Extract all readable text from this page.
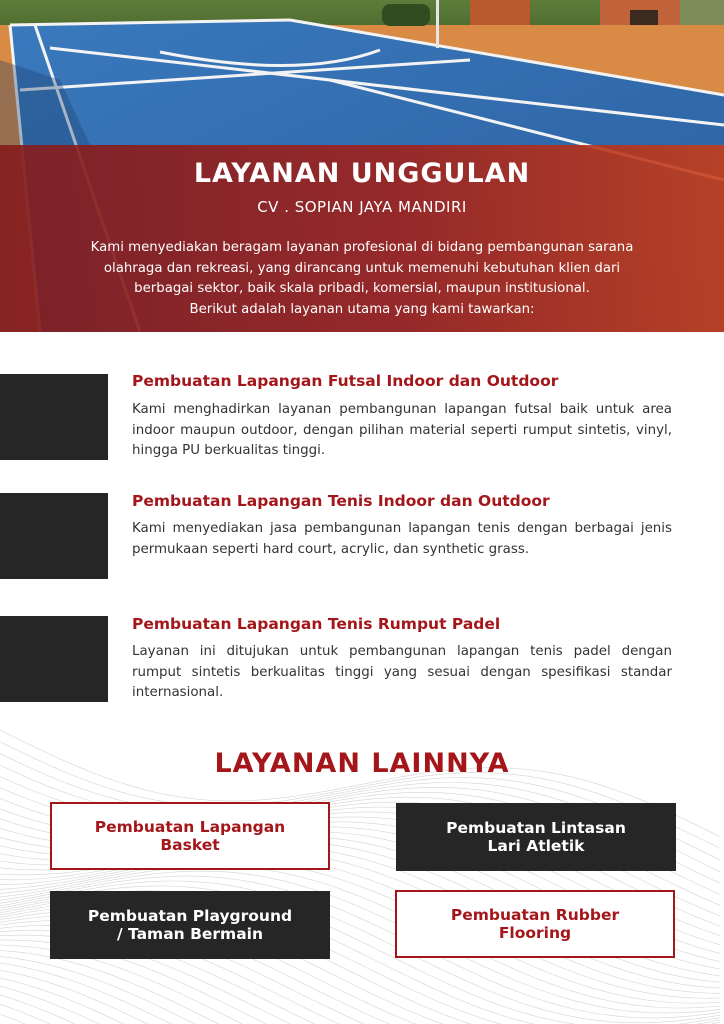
LAYANAN UNGGULAN
CV . SOPIAN JAYA MANDIRI
Kami menyediakan beragam layanan profesional di bidang pembangunan sarana
olahraga dan rekreasi, yang dirancang untuk memenuhi kebutuhan klien dari
berbagai sektor, baik skala pribadi, komersial, maupun institusional.
Berikut adalah layanan utama yang kami tawarkan:
Pembuatan Lapangan Futsal Indoor dan Outdoor
Kami menghadirkan layanan pembangunan lapangan futsal baik untuk area indoor maupun outdoor, dengan pilihan material seperti rumput sintetis, vinyl, hingga PU berkualitas tinggi.
Pembuatan Lapangan Tenis Indoor dan Outdoor
Kami menyediakan jasa pembangunan lapangan tenis dengan berbagai jenis permukaan seperti hard court, acrylic, dan synthetic grass.
Pembuatan Lapangan Tenis Rumput Padel
Layanan ini ditujukan untuk pembangunan lapangan tenis padel dengan rumput sintetis berkualitas tinggi yang sesuai dengan spesifikasi standar internasional.
LAYANAN LAINNYA
Pembuatan Lapangan
Basket
Pembuatan Lintasan
Lari Atletik
Pembuatan Playground
/ Taman Bermain
Pembuatan Rubber
Flooring
